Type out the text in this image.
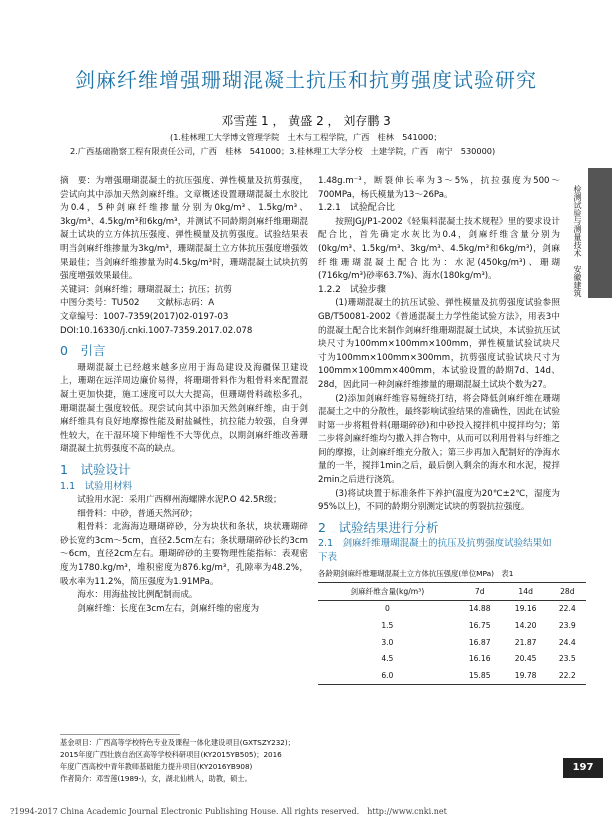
剑麻纤维增强珊瑚混凝土抗压和抗剪强度试验研究
邓雪莲 1 ， 黄盛 2 ， 刘存鹏 3
(1.桂林理工大学博文管理学院　土木与工程学院，广西　桂林　541000；
2.广西基础勘察工程有限责任公司，广西　桂林　541000；3.桂林理工大学分校　土建学院，广西　南宁　530000)

摘　要：为增强珊瑚混凝土的抗压强度、弹性模量及抗剪强度，尝试向其中添加天然剑麻纤维。文章概述设置珊瑚混凝土水胶比为0.4，5种剑麻纤维掺量分别为0kg/m³、1.5kg/m³、3kg/m³、4.5kg/m³和6kg/m³，并测试不同龄期剑麻纤维珊瑚混凝土试块的立方体抗压强度、弹性模量及抗剪强度。试验结果表明当剑麻纤维掺量为3kg/m³，珊瑚混凝土立方体抗压强度增强效果最佳；当剑麻纤维掺量为时4.5kg/m³时，珊瑚混凝土试块抗剪强度增强效果最佳。

关键词：剑麻纤维；珊瑚混凝土；抗压；抗剪
中图分类号：TU502　　文献标志码：A
文章编号：1007-7359(2017)02-0197-03
DOI:10.16330/j.cnki.1007-7359.2017.02.078
0　引言

珊瑚混凝土已经越来越多应用于海岛建设及海疆保卫建设上，珊瑚在远洋周边廉价易得，将珊瑚骨料作为粗骨料来配置混凝土更加快捷，施工速度可以大大提高，但珊瑚骨料疏松多孔，珊瑚混凝土强度较低。现尝试向其中添加天然剑麻纤维，由于剑麻纤维具有良好地摩擦性能及耐盐碱性，抗拉能力较强，自身弹性较大，在干湿环境下伸缩性不大等优点，以期剑麻纤维改善珊瑚混凝土抗剪强度不高的缺点。

1　试验设计
1.1　试验用材料

试验用水泥：采用广西柳州海螺牌水泥P.O 42.5R级；

细骨料：中砂，普通天然河砂；

粗骨料：北海海边珊瑚碎砂，分为块状和条状，块状珊瑚碎砂长宽约3cm～5cm，直径2.5cm左右；条状珊瑚碎砂长约3cm～6cm，直径2cm左右。珊瑚碎砂的主要物理性能指标：表观密度为1780.kg/m³，堆积密度为876.kg/m³，孔隙率为48.2%，吸水率为11.2%，简压强度为1.91MPa。

海水：用海盐按比例配制而成。

剑麻纤维：长度在3cm左右，剑麻纤维的密度为

基金项目：广西高等学校特色专业及课程一体化建设项目(GXTSZY232)；
2015年度广西壮族自治区高等学校科研项目(KY2015YB505)；2016
年度广西高校中青年教师基础能力提升项目(KY2016YB908)
作者简介：邓雪莲(1989-)，女，湖北仙桃人，助教，硕士。

1.48g.m⁻³，断裂伸长率为3～5%，抗拉强度为500～700MPa，杨氏模量为13～26Pa。

1.2.1　试验配合比

按照JGJ/P1-2002《轻集料混凝土技术规程》里的要求设计配合比，首先确定水灰比为0.4，剑麻纤维含量分别为(0kg/m³、1.5kg/m³、3kg/m³、4.5kg/m³和6kg/m³)，剑麻纤维珊瑚混凝土配合比为：水泥(450kg/m³)、珊瑚(716kg/m³)砂率63.7%)、海水(180kg/m³)。

1.2.2　试验步骤

(1)珊瑚混凝土的抗压试验、弹性模量及抗剪强度试验参照GB/T50081-2002《普通混凝土力学性能试验方法》，用表3中的混凝土配合比来制作剑麻纤维珊瑚混凝土试块，本试验抗压试块尺寸为100mm×100mm×100mm，弹性模量试验试块尺寸为100mm×100mm×300mm，抗剪强度试验试块尺寸为100mm×100mm×400mm，本试验设置的龄期7d、14d、28d，因此同一种剑麻纤维掺量的珊瑚混凝土试块个数为27。

(2)添加剑麻纤维容易缠绕打结，将会降低剑麻纤维在珊瑚混凝土之中的分散性，最终影响试验结果的准确性，因此在试验时第一步将粗骨料(珊瑚碎砂)和中砂投入搅拌机中搅拌均匀；第二步将剑麻纤维均匀撒入拌合物中，从而可以利用骨料与纤维之间的摩擦，让剑麻纤维充分散入；第三步再加入配制好的净海水量的一半，搅拌1min之后，最后倒入剩余的海水和水泥，搅拌2min之后进行浇筑。

(3)将试块置于标准条件下养护(温度为20℃±2℃，湿度为95%以上)，不同的龄期分别测定试块的剪裂抗拉强度。

2　试验结果进行分析
2.1　剑麻纤维珊瑚混凝土的抗压及抗剪强度试验结果如下表
各龄期剑麻纤维珊瑚混凝土立方体抗压强度(单位MPa)　表1
剑麻纤维含量(kg/m³)	7d	14d	28d
0	14.88	19.16	22.4
1.5	16.75	14.20	23.9
3.0	16.87	21.87	24.4
4.5	16.16	20.45	23.5
6.0	15.85	19.78	22.2
检测试验与测量技术　安徽建筑
197
?1994-2017 China Academic Journal Electronic Publishing House. All rights reserved.　http://www.cnki.net
